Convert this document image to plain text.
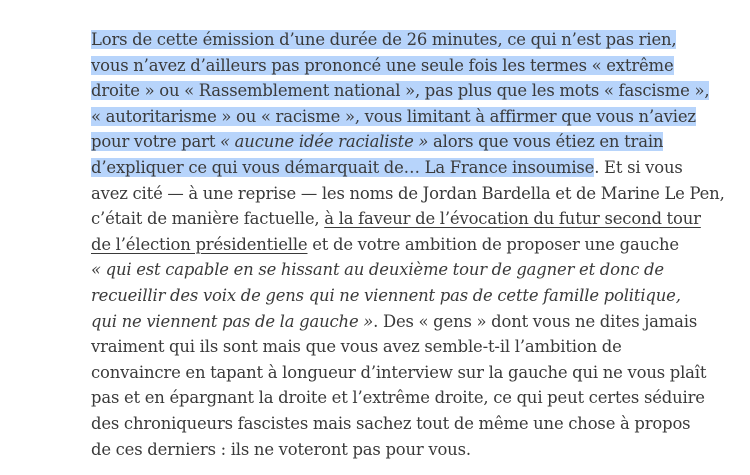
Lors de cette émission d’une durée de 26 minutes, ce qui n’est pas rien,
vous n’avez d’ailleurs pas prononcé une seule fois les termes « extrême
droite » ou « Rassemblement national », pas plus que les mots « fascisme »,
« autoritarisme » ou « racisme », vous limitant à affirmer que vous n’aviez
pour votre part « aucune idée racialiste » alors que vous étiez en train
d’expliquer ce qui vous démarquait de… La France insoumise. Et si vous
avez cité — à une reprise — les noms de Jordan Bardella et de Marine Le Pen,
c’était de manière factuelle, à la faveur de l’évocation du futur second tour
de l’élection présidentielle et de votre ambition de proposer une gauche
« qui est capable en se hissant au deuxième tour de gagner et donc de
recueillir des voix de gens qui ne viennent pas de cette famille politique,
qui ne viennent pas de la gauche ». Des « gens » dont vous ne dites jamais
vraiment qui ils sont mais que vous avez semble-t-il l’ambition de
convaincre en tapant à longueur d’interview sur la gauche qui ne vous plaît
pas et en épargnant la droite et l’extrême droite, ce qui peut certes séduire
des chroniqueurs fascistes mais sachez tout de même une chose à propos
de ces derniers : ils ne voteront pas pour vous.
